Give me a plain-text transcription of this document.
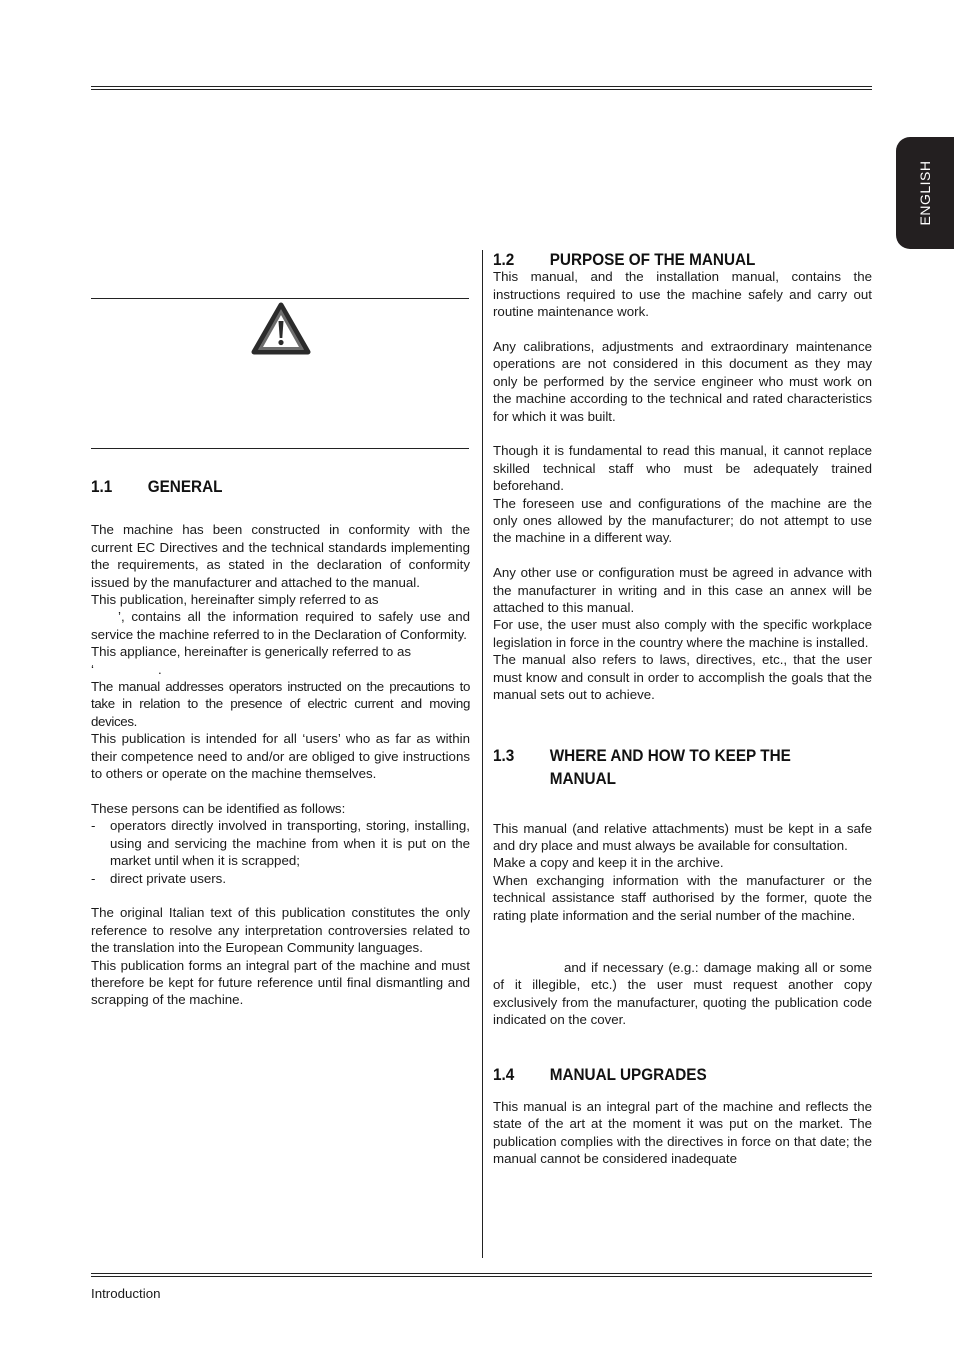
ENGLISH
1.1	GENERAL

The machine has been constructed in conformity with the current EC Directives and the technical standards implementing the requirements, as stated in the declaration of conformity issued by the manufacturer and attached to the manual.

This publication, hereinafter simply referred to as

’, contains all the information required to safely use and service the machine referred to in the Declaration of Conformity.

This appliance, hereinafter is generically referred to as

‘	.

The manual addresses operators instructed on the precautions to take in relation to the presence of electric current and moving devices.

This publication is intended for all ‘users’ who as far as within their competence need to and/or are obliged to give instructions to others or operate on the machine themselves.

These persons can be identified as follows:

- operators directly involved in transporting, storing, installing, using and servicing the machine from when it is put on the market until when it is scrapped;

- direct private users.

The original Italian text of this publication constitutes the only reference to resolve any interpretation controversies related to the translation into the European Community languages.

This publication forms an integral part of the machine and must therefore be kept for future reference until final dismantling and scrapping of the machine.

1.2	PURPOSE OF THE MANUAL

This manual, and the installation manual, contains the instructions required to use the machine safely and carry out routine maintenance work.

Any calibrations, adjustments and extraordinary maintenance operations are not considered in this document as they may only be performed by the service engineer who must work on the machine according to the technical and rated characteristics for which it was built.

Though it is fundamental to read this manual, it cannot replace skilled technical staff who must be adequately trained beforehand.

The foreseen use and configurations of the machine are the only ones allowed by the manufacturer; do not attempt to use the machine in a different way.

Any other use or configuration must be agreed in advance with the manufacturer in writing and in this case an annex will be attached to this manual.

For use, the user must also comply with the specific workplace legislation in force in the country where the machine is installed.

The manual also refers to laws, directives, etc., that the user must know and consult in order to accomplish the goals that the manual sets out to achieve.

1.3	WHERE AND HOW TO KEEP THE
MANUAL

This manual (and relative attachments) must be kept in a safe and dry place and must always be available for consultation.

Make a copy and keep it in the archive.

When exchanging information with the manufacturer or the technical assistance staff authorised by the former, quote the rating plate information and the serial number of the machine.

and if necessary (e.g.: damage making all or some of it illegible, etc.) the user must request another copy exclusively from the manufacturer, quoting the publication code indicated on the cover.

1.4	MANUAL UPGRADES

This manual is an integral part of the machine and reflects the state of the art at the moment it was put on the market. The publication complies with the directives in force on that date; the manual cannot be considered inadequate

Introduction
